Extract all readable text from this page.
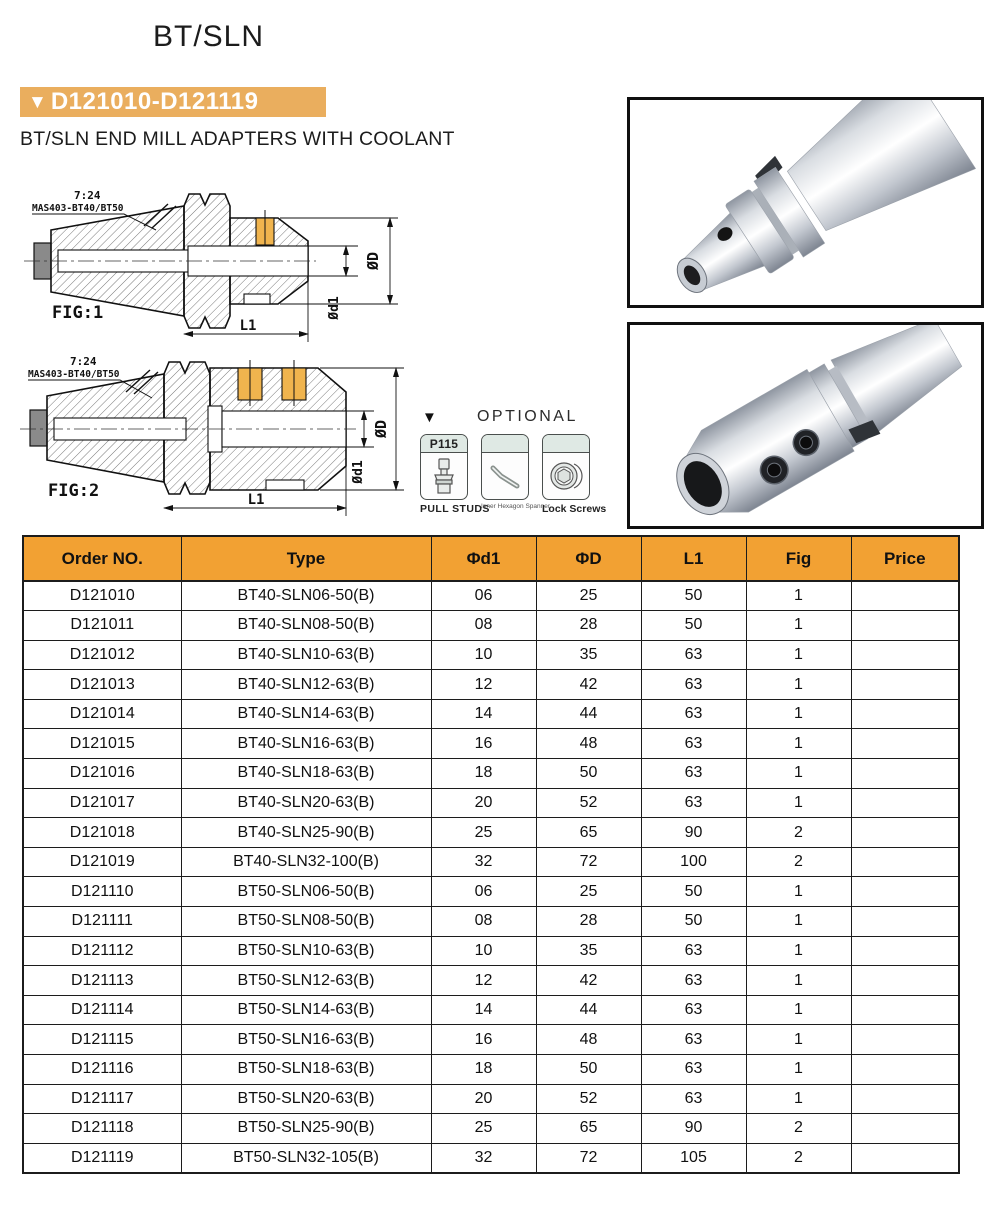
BT/SLN
▼ D121010-D121119
BT/SLN END MILL ADAPTERS WITH COOLANT
ØD
Ød1
L1
7:24
MAS403-BT40/BT50
FIG:1
ØD
Ød1
L1
7:24
MAS403-BT40/BT50
FIG:2
▼	OPTIONAL
P115
PULL STUDS
Inner Hexagon Spanner
Lock Screws
Order NO.	Type	Φd1	ΦD	L1	Fig	Price
D121010	BT40-SLN06-50(B)	06	25	50	1	
D121011	BT40-SLN08-50(B)	08	28	50	1	
D121012	BT40-SLN10-63(B)	10	35	63	1	
D121013	BT40-SLN12-63(B)	12	42	63	1	
D121014	BT40-SLN14-63(B)	14	44	63	1	
D121015	BT40-SLN16-63(B)	16	48	63	1	
D121016	BT40-SLN18-63(B)	18	50	63	1	
D121017	BT40-SLN20-63(B)	20	52	63	1	
D121018	BT40-SLN25-90(B)	25	65	90	2	
D121019	BT40-SLN32-100(B)	32	72	100	2	
D121110	BT50-SLN06-50(B)	06	25	50	1	
D121111	BT50-SLN08-50(B)	08	28	50	1	
D121112	BT50-SLN10-63(B)	10	35	63	1	
D121113	BT50-SLN12-63(B)	12	42	63	1	
D121114	BT50-SLN14-63(B)	14	44	63	1	
D121115	BT50-SLN16-63(B)	16	48	63	1	
D121116	BT50-SLN18-63(B)	18	50	63	1	
D121117	BT50-SLN20-63(B)	20	52	63	1	
D121118	BT50-SLN25-90(B)	25	65	90	2	
D121119	BT50-SLN32-105(B)	32	72	105	2	
